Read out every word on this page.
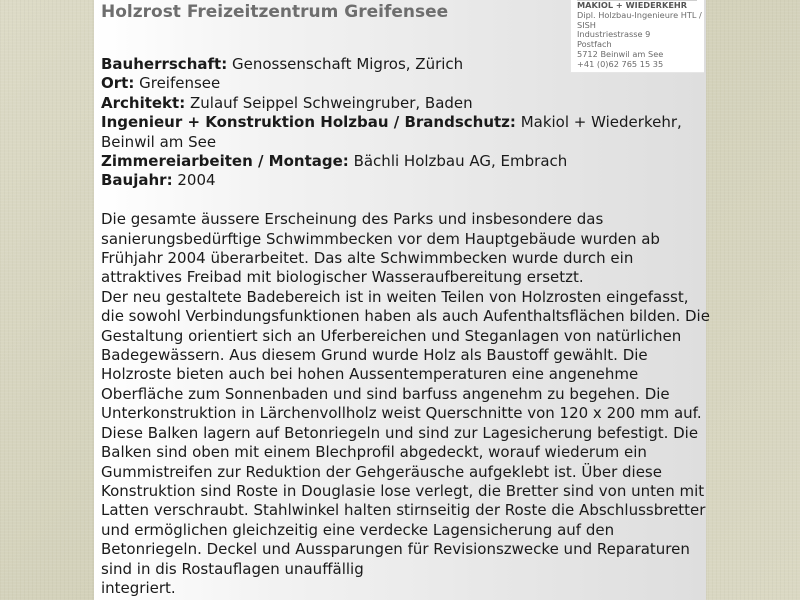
Holzrost Freizeitzentrum Greifensee	MAKIOL + WIEDERKEHR
Dipl. Holzbau-Ingenieure HTL /
SISH
Industriestrasse 9
Postfach
5712 Beinwil am See
+41 (0)62 765 15 35
Bauherrschaft: Genossenschaft Migros, Zürich
Ort: Greifensee
Architekt: Zulauf Seippel Schweingruber, Baden
Ingenieur + Konstruktion Holzbau / Brandschutz: Makiol + Wiederkehr,
Beinwil am See
Zimmereiarbeiten / Montage: Bächli Holzbau AG, Embrach
Baujahr: 2004
Die gesamte äussere Erscheinung des Parks und insbesondere das
sanierungsbedürftige Schwimmbecken vor dem Hauptgebäude wurden ab
Frühjahr 2004 überarbeitet. Das alte Schwimmbecken wurde durch ein
attraktives Freibad mit biologischer Wasseraufbereitung ersetzt.
Der neu gestaltete Badebereich ist in weiten Teilen von Holzrosten eingefasst,
die sowohl Verbindungsfunktionen haben als auch Aufenthaltsflächen bilden. Die
Gestaltung orientiert sich an Uferbereichen und Steganlagen von natürlichen
Badegewässern. Aus diesem Grund wurde Holz als Baustoff gewählt. Die
Holzroste bieten auch bei hohen Aussentemperaturen eine angenehme
Oberfläche zum Sonnenbaden und sind barfuss angenehm zu begehen. Die
Unterkonstruktion in Lärchenvollholz weist Querschnitte von 120 x 200 mm auf.
Diese Balken lagern auf Betonriegeln und sind zur Lagesicherung befestigt. Die
Balken sind oben mit einem Blechprofil abgedeckt, worauf wiederum ein
Gummistreifen zur Reduktion der Gehgeräusche aufgeklebt ist. Über diese
Konstruktion sind Roste in Douglasie lose verlegt, die Bretter sind von unten mit
Latten verschraubt. Stahlwinkel halten stirnseitig der Roste die Abschlussbretter
und ermöglichen gleichzeitig eine verdecke Lagensicherung auf den
Betonriegeln. Deckel und Aussparungen für Revisionszwecke und Reparaturen
sind in dis Rostauflagen unauffällig
integriert.
